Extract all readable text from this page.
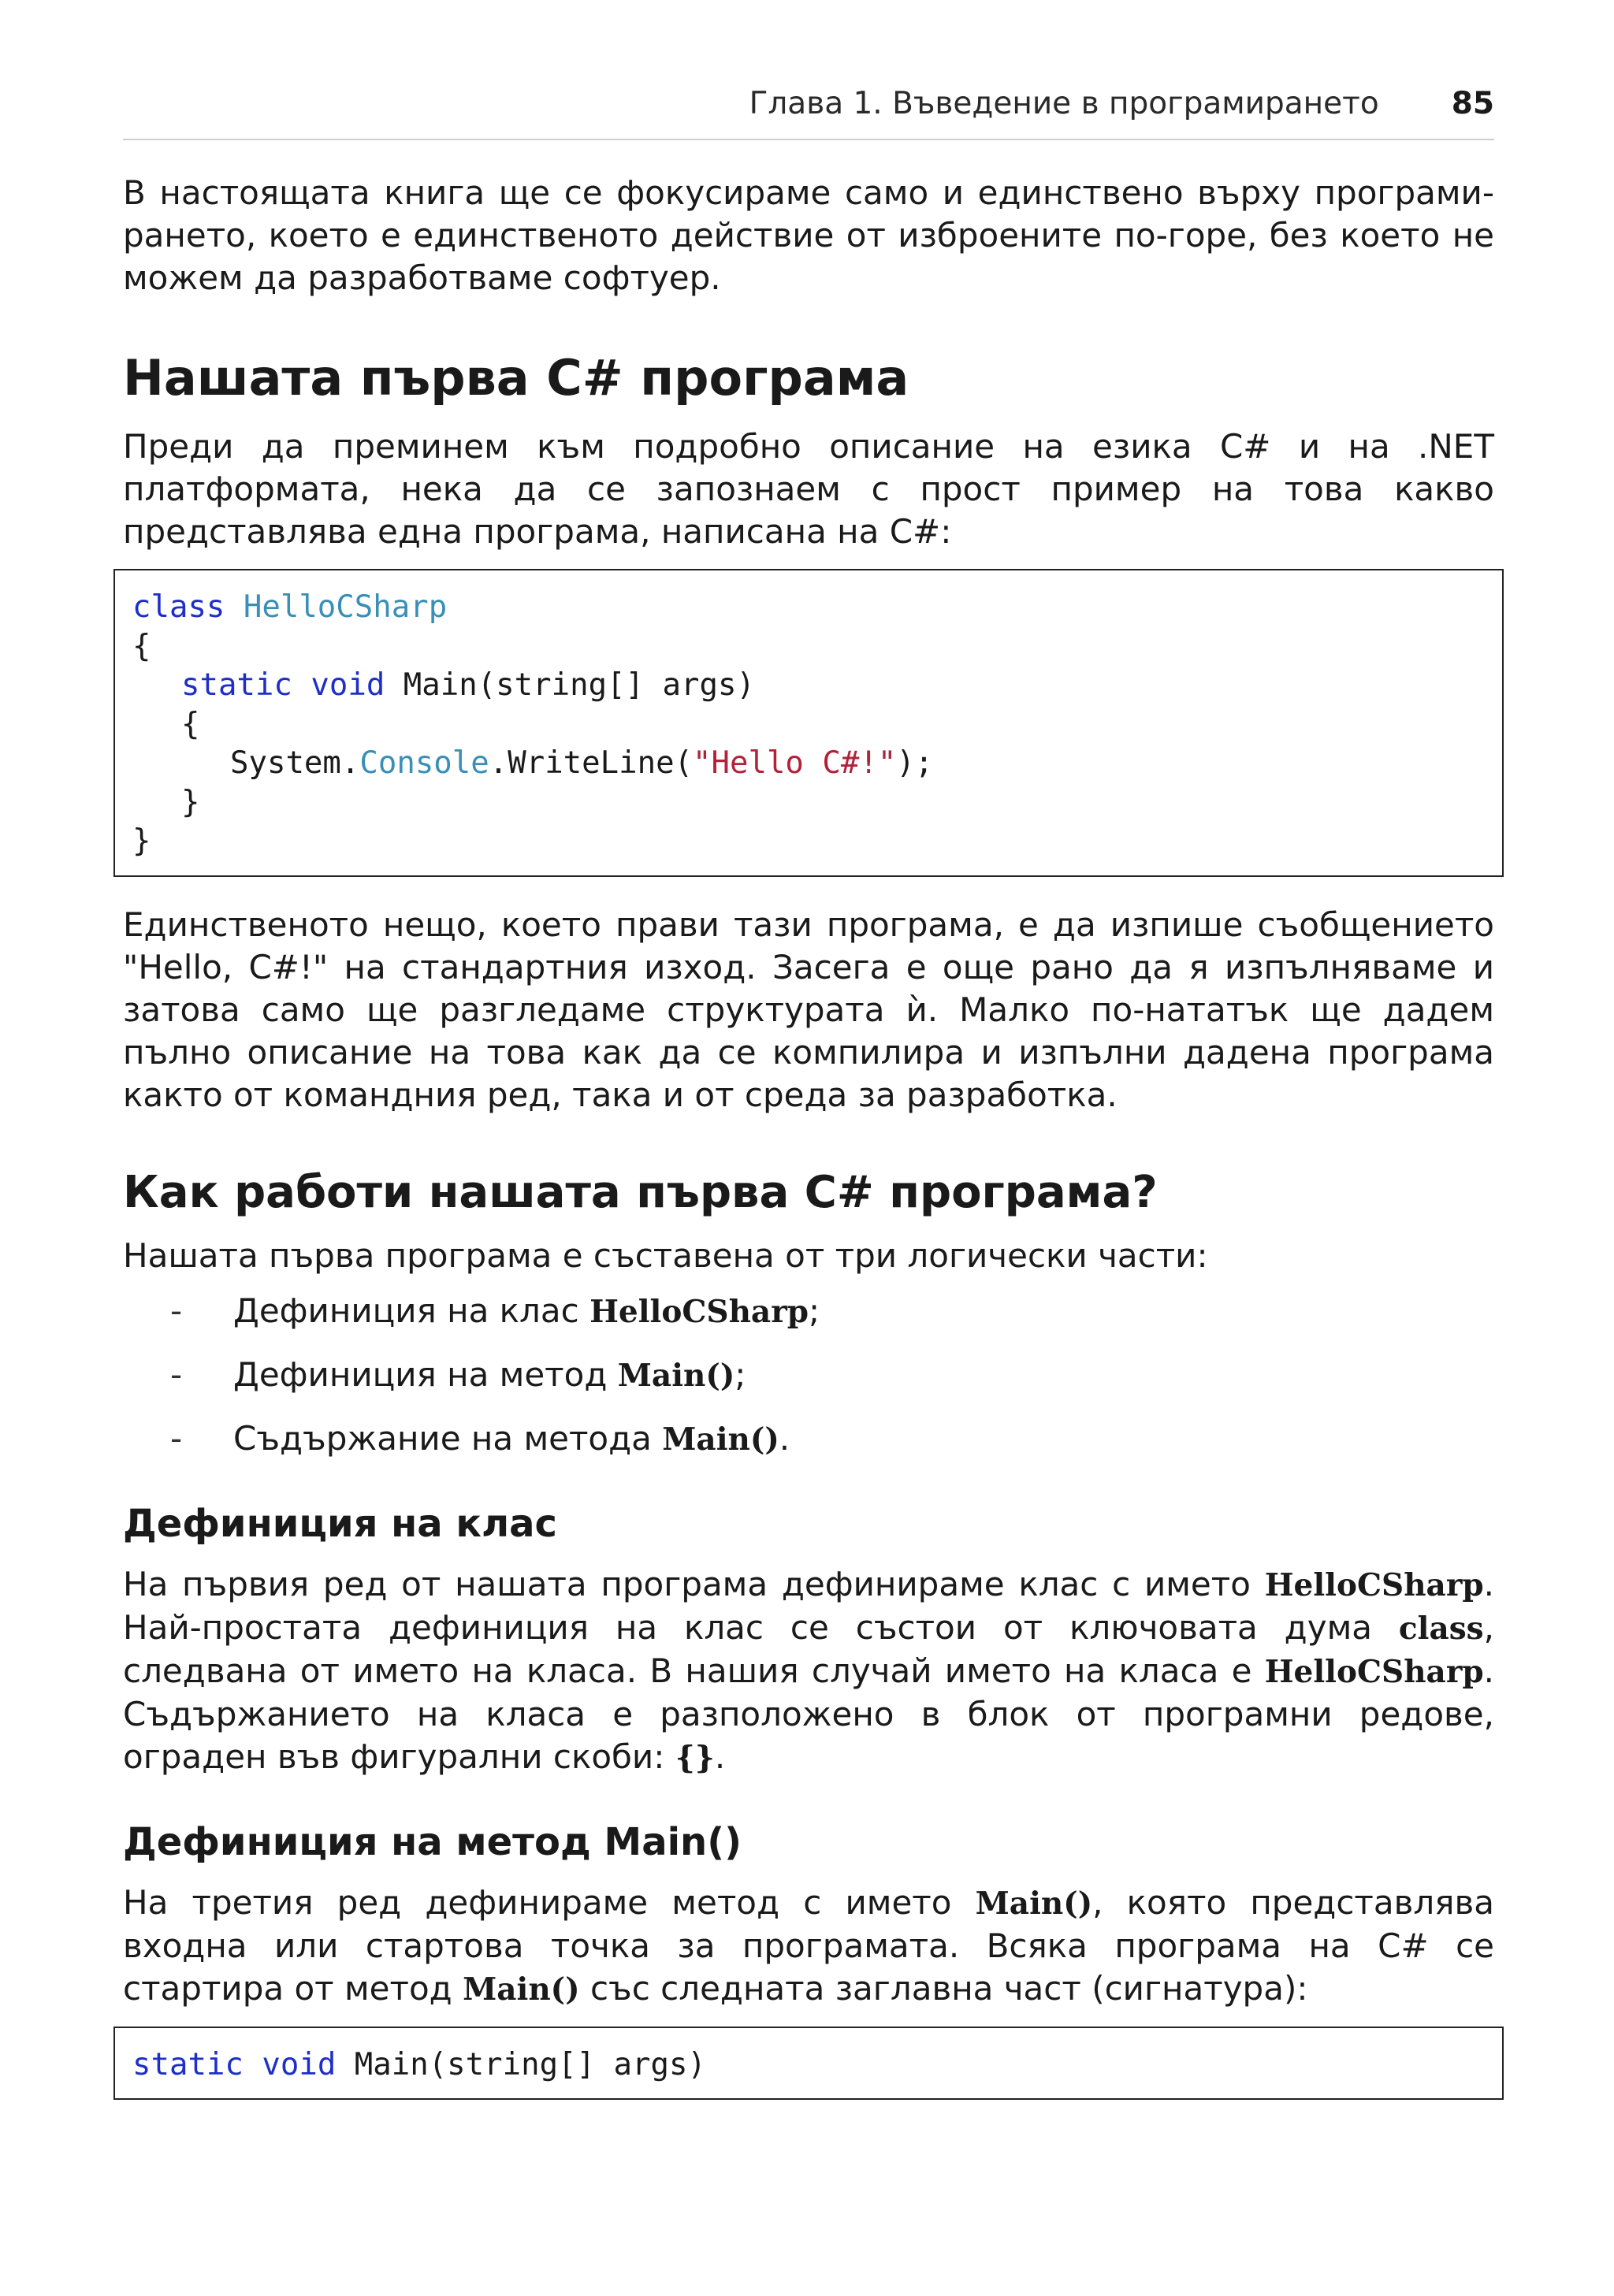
Глава 1. Въведение в програмирането 85

В настоящата книга ще се фокусираме само и единствено върху програми-рането, което е единственото действие от изброените по-горе, без което не можем да разработваме софтуер.

Нашата първа C# програма

Преди да преминем към подробно описание на езика C# и на .NET платформата, нека да се запознаем с прост пример на това какво представлява една програма, написана на C#:

class HelloCSharp
{
static void Main(string[] args)
{
System.Console.WriteLine("Hello C#!");
}
}

Единственото нещо, което прави тази програма, е да изпише съобщението "Hello, C#!" на стандартния изход. Засега е още рано да я изпълняваме и затова само ще разгледаме структурата ѝ. Малко по-нататък ще дадем пълно описание на това как да се компилира и изпълни дадена програма както от командния ред, така и от среда за разработка.

Как работи нашата първа C# програма?

Нашата първа програма е съставена от три логически части:

-	Дефиниция на клас HelloCSharp;
-	Дефиниция на метод Main();
-	Съдържание на метода Main().
Дефиниция на клас

На първия ред от нашата програма дефинираме клас с името HelloCSharp. Най-простата дефиниция на клас се състои от ключовата дума class, следвана от името на класа. В нашия случай името на класа е HelloCSharp. Съдържанието на класа е разположено в блок от програмни редове, ограден във фигурални скоби: {}.

Дефиниция на метод Main()

На третия ред дефинираме метод с името Main(), която представлява входна или стартова точка за програмата. Всяка програма на C# се стартира от метод Main() със следната заглавна част (сигнатура):

static void Main(string[] args)
